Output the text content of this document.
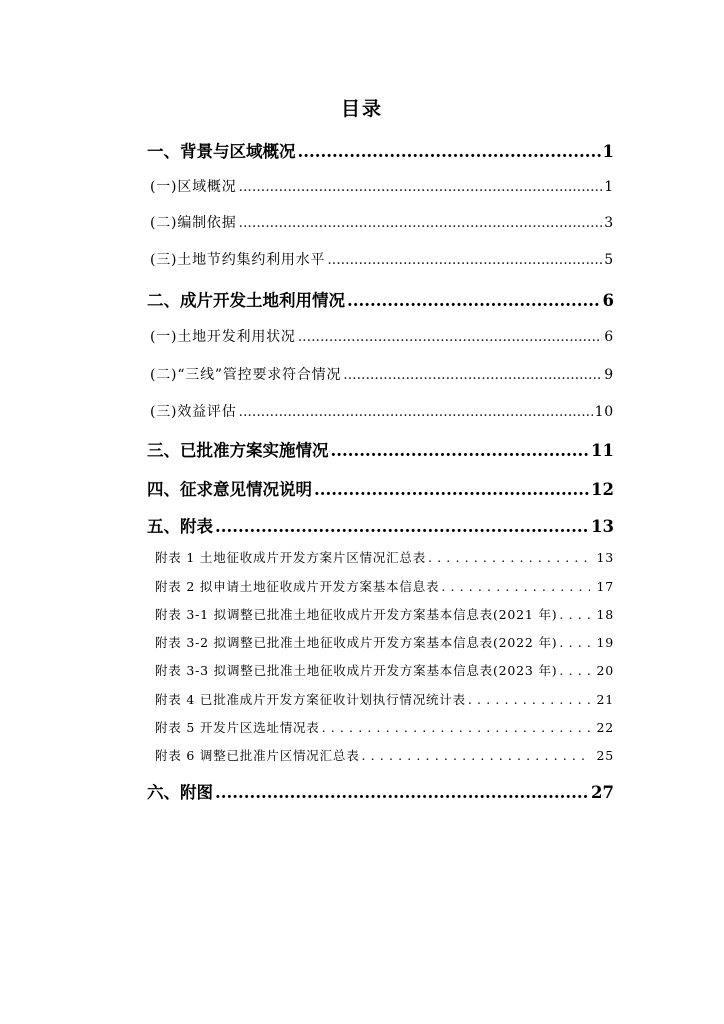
目录
一、背景与区域概况 .....	1
(一)区域概况 .....	1
(二)编制依据 .....	3
(三)土地节约集约利用水平 .....	5
二、成片开发土地利用情况 .....	6
(一)土地开发利用状况 .....	6
(二)“三线”管控要求符合情况 .....	9
(三)效益评估 .....	10
三、已批准方案实施情况 .....	11
四、征求意见情况说明 .....	12
五、附表 .....	13
附表 1 土地征收成片开发方案片区情况汇总表 . . .	13
附表 2 拟申请土地征收成片开发方案基本信息表 . . .	17
附表 3-1 拟调整已批准土地征收成片开发方案基本信息表(2021 年) . . .	18
附表 3-2 拟调整已批准土地征收成片开发方案基本信息表(2022 年) . . .	19
附表 3-3 拟调整已批准土地征收成片开发方案基本信息表(2023 年) . . .	20
附表 4 已批准成片开发方案征收计划执行情况统计表 . . .	21
附表 5 开发片区选址情况表 . . .	22
附表 6 调整已批准片区情况汇总表 . . .	25
六、附图 .....	27
